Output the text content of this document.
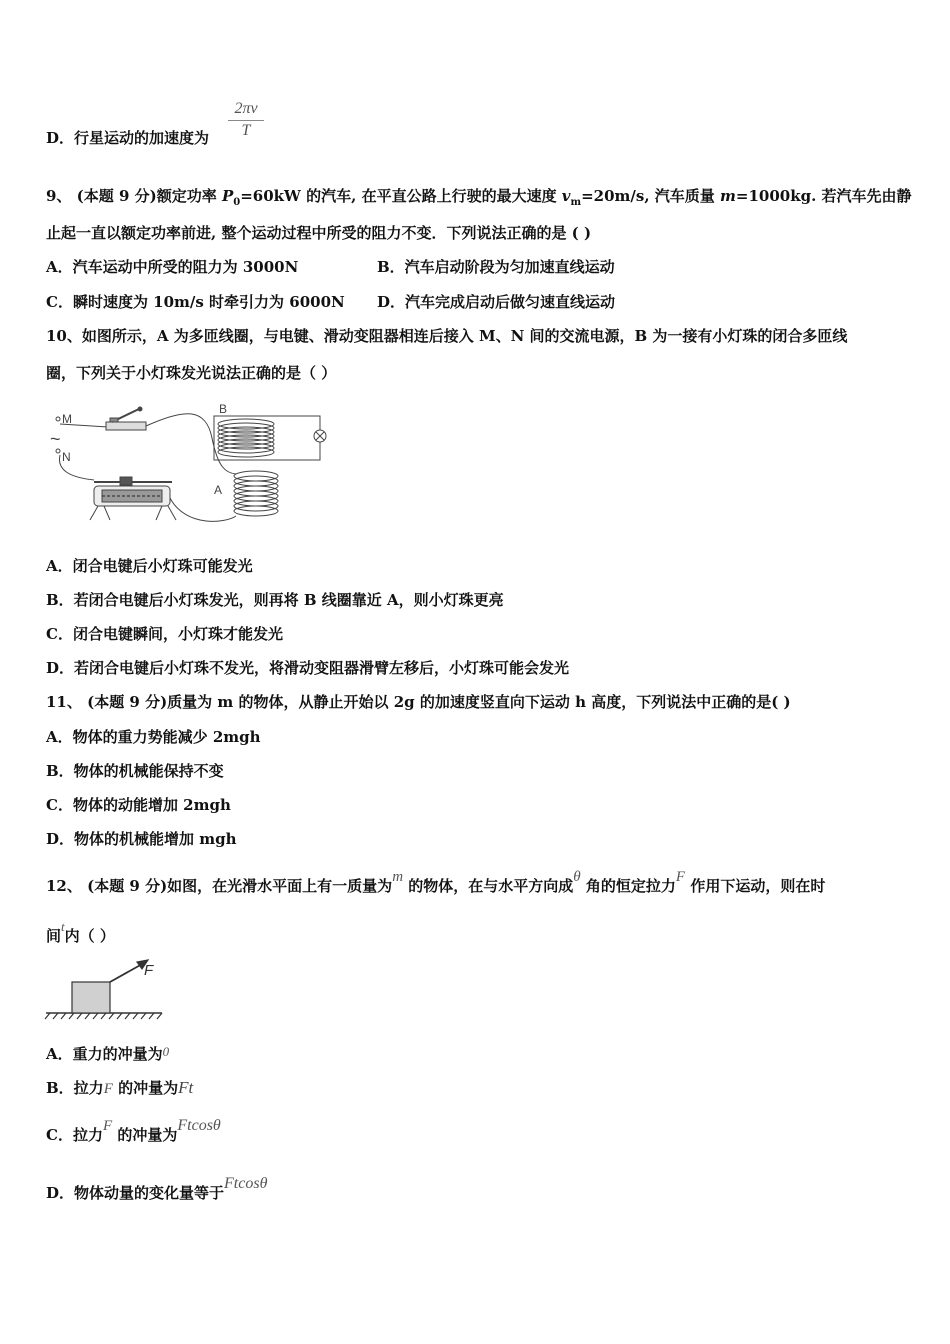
D．行星运动的加速度为 $\frac{2\pi v}{T}$
9、 (本题 9 分)额定功率 $P_0=60kW$ 的汽车, 在平直公路上行驶的最大速度 $v_m=20m/s$, 汽车质量 m=1000kg. 若汽车先由静
止起一直以额定功率前进, 整个运动过程中所受的阻力不变．下列说法正确的是 ( )
A．汽车运动中所受的阻力为 3000N	B．汽车启动阶段为匀加速直线运动
C．瞬时速度为 10m/s 时牵引力为 6000N D．汽车完成启动后做匀速直线运动
10、如图所示，A 为多匝线圈，与电键、滑动变阻器相连后接入 M、N 间的交流电源，B 为一接有小灯珠的闭合多匝线
圈，下列关于小灯珠发光说法正确的是（ ）
M
~
N
B
A
A．闭合电键后小灯珠可能发光
B．若闭合电键后小灯珠发光，则再将 B 线圈靠近 A，则小灯珠更亮
C．闭合电键瞬间，小灯珠才能发光
D．若闭合电键后小灯珠不发光，将滑动变阻器滑臂左移后，小灯珠可能会发光
11、 (本题 9 分)质量为 m 的物体，从静止开始以 2g 的加速度竖直向下运动 h 高度，下列说法中正确的是( )
A．物体的重力势能减少 2mgh
B．物体的机械能保持不变
C．物体的动能增加 2mgh
D．物体的机械能增加 mgh
12、 (本题 9 分)如图，在光滑水平面上有一质量为m 的物体，在与水平方向成θ 角的恒定拉力F 作用下运动，则在时
间t内（ ）
F
A．重力的冲量为0
B．拉力F 的冲量为Ft
C．拉力F 的冲量为Ftcosθ
D．物体动量的变化量等于Ftcosθ
